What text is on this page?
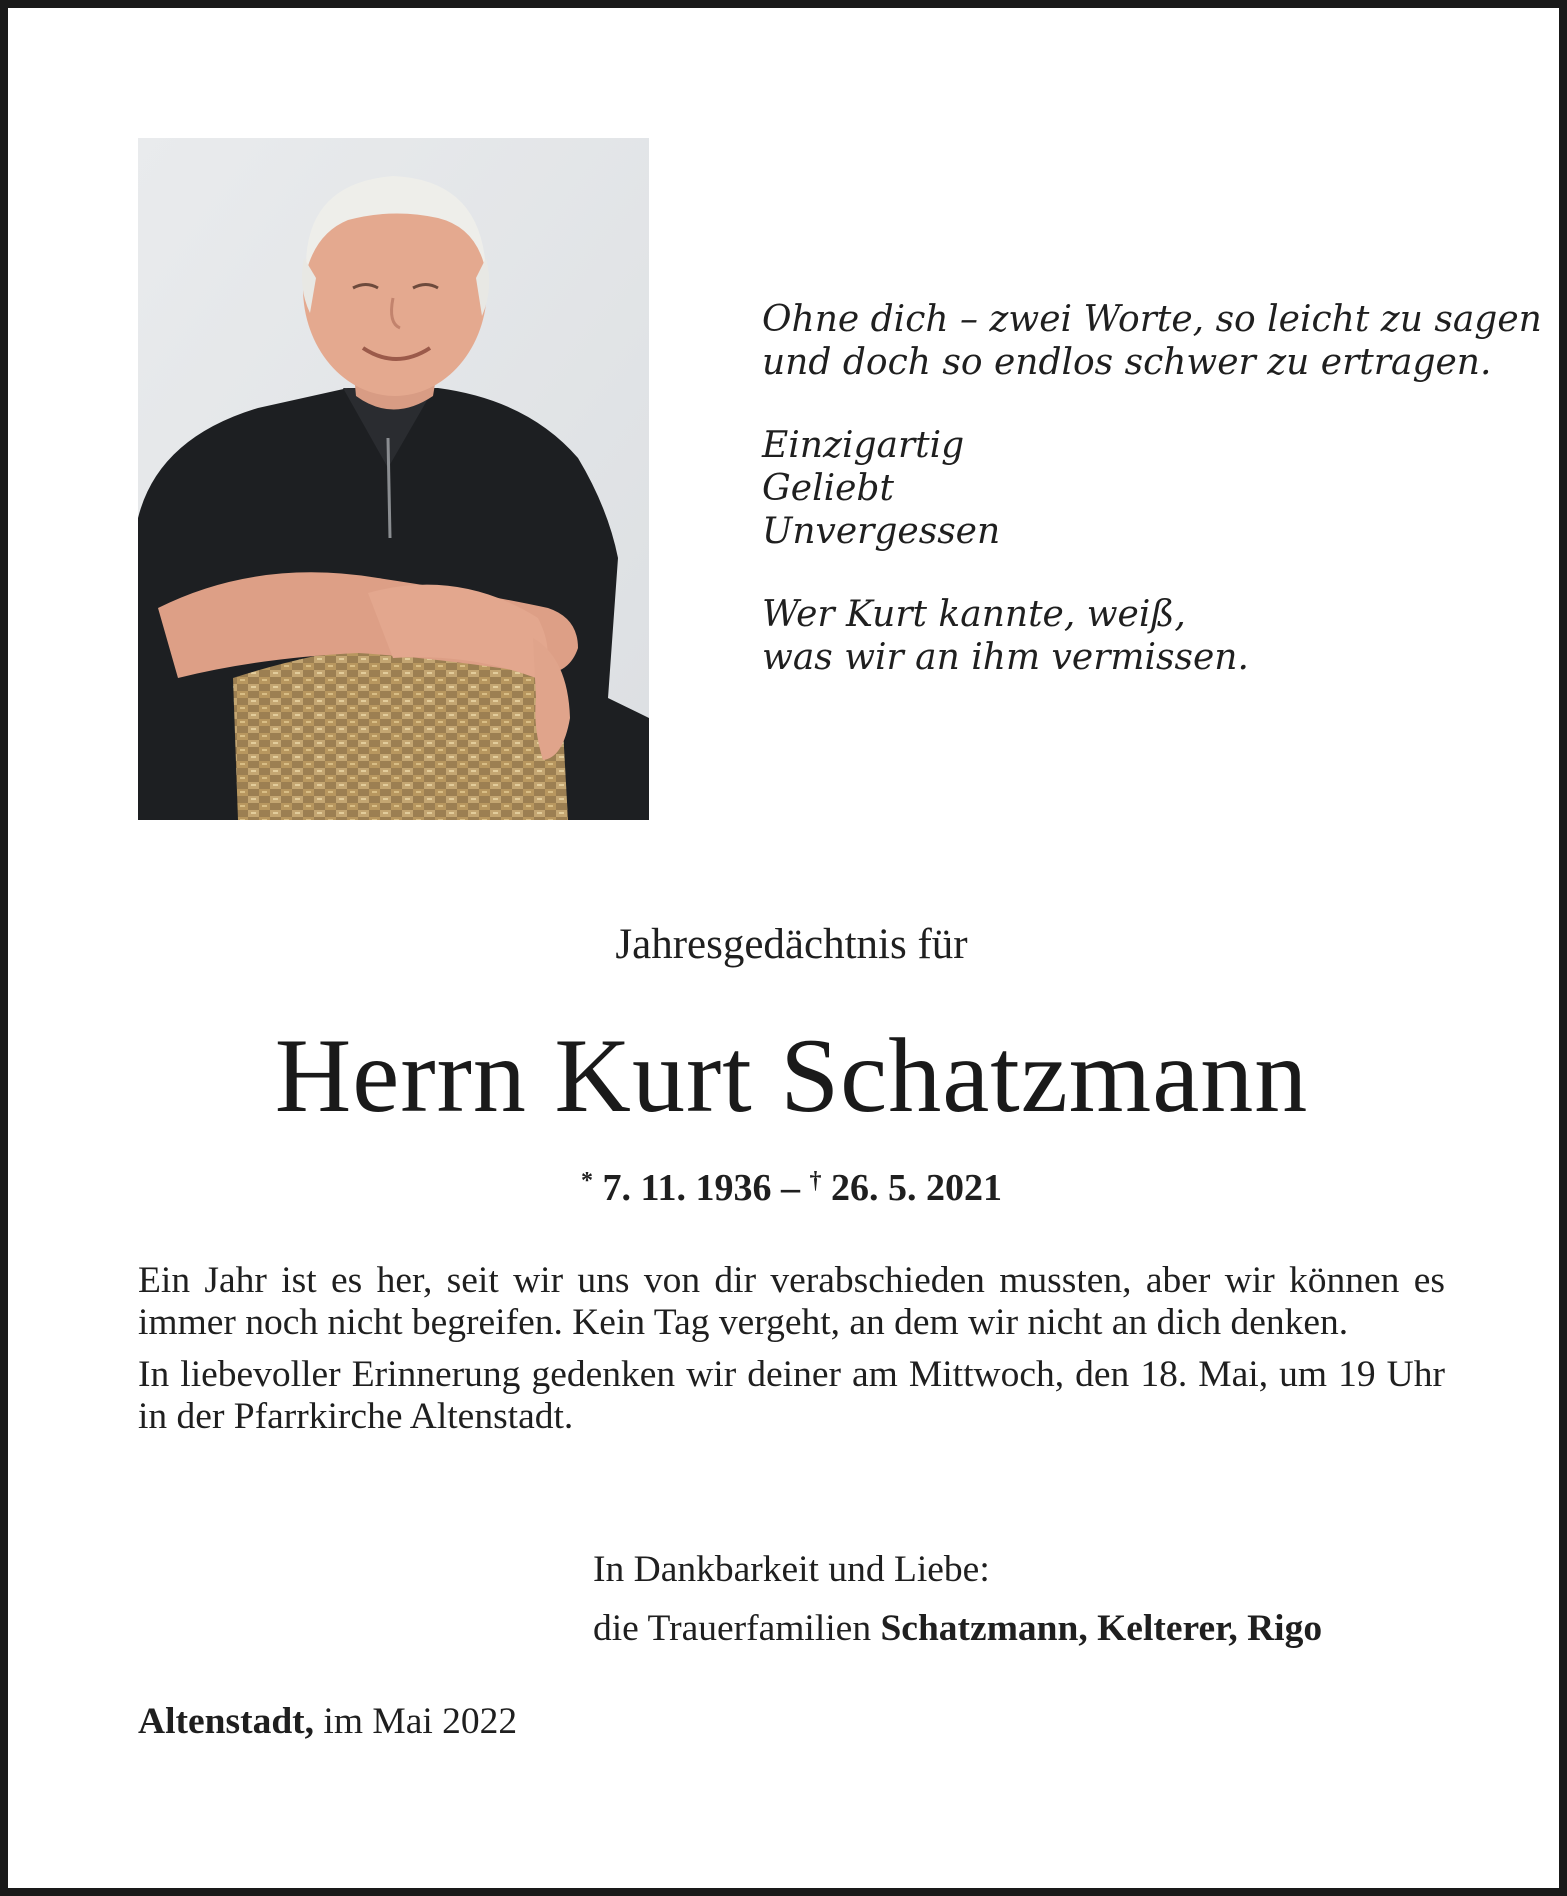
Ohne dich – zwei Worte, so leicht zu sagen
und doch so endlos schwer zu ertragen.
Einzigartig
Geliebt
Unvergessen
Wer Kurt kannte, weiß,
was wir an ihm vermissen.
Jahresgedächtnis für
Herrn Kurt Schatzmann
* 7. 11. 1936 – † 26. 5. 2021

Ein Jahr ist es her, seit wir uns von dir verabschieden mussten, aber wir können es immer noch nicht begreifen. Kein Tag vergeht, an dem wir nicht an dich denken.

In liebevoller Erinnerung gedenken wir deiner am Mittwoch, den 18. Mai, um 19 Uhr in der Pfarrkirche Altenstadt.

In Dankbarkeit und Liebe:
die Trauerfamilien Schatzmann, Kelterer, Rigo
Altenstadt, im Mai 2022
